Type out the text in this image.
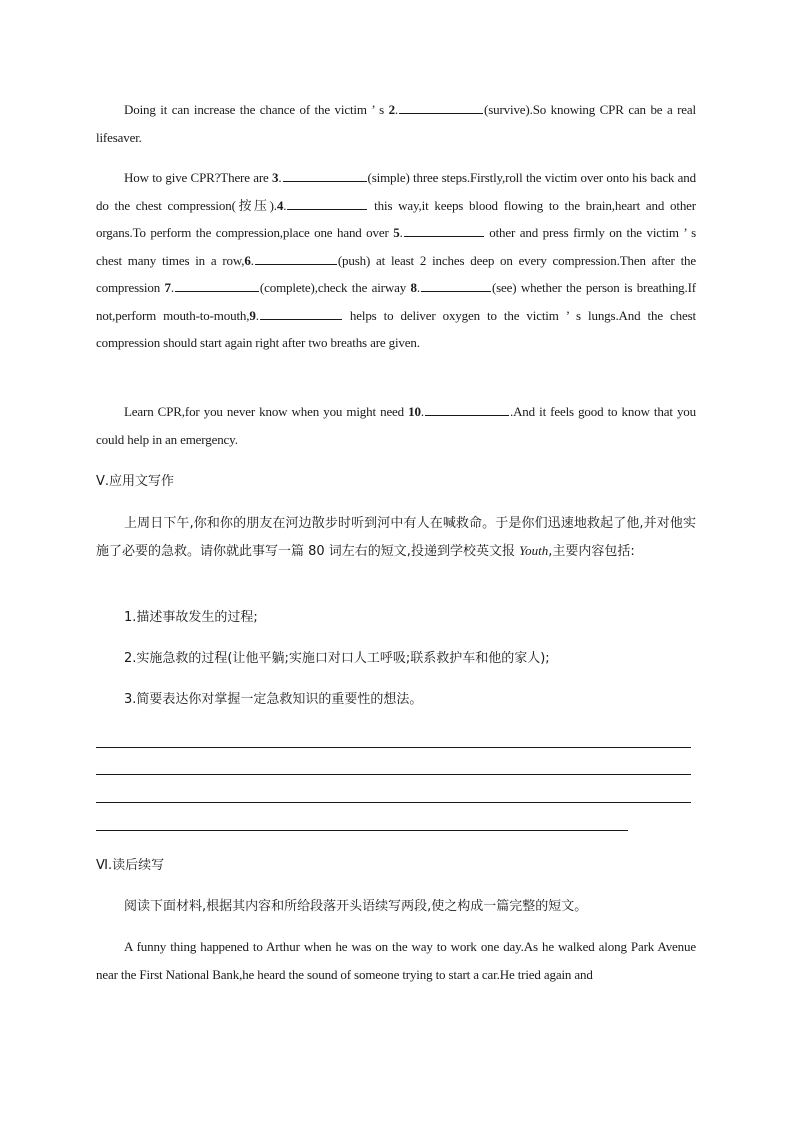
Doing it can increase the chance of the victim ’ s 2.	(survive).So knowing CPR can be a real lifesaver.
How to give CPR?There are 3.	(simple) three steps.Firstly,roll the victim over onto his back and do the chest compression(按压).4.	this way,it keeps blood flowing to the brain,heart and other organs.To perform the compression,place one hand over 5.	other and press firmly on the victim ’ s chest many times in a row,6.	(push) at least 2 inches deep on every compression.Then after the compression 7.	(complete),check the airway 8.	(see) whether the person is breathing.If not,perform mouth-to-mouth,9.	helps to deliver oxygen to the victim ’ s lungs.And the chest compression should start again right after two breaths are given.
Learn CPR,for you never know when you might need 10.	.And it feels good to know that you could help in an emergency.
Ⅴ.应用文写作
上周日下午,你和你的朋友在河边散步时听到河中有人在喊救命。于是你们迅速地救起了他,并对他实施了必要的急救。请你就此事写一篇 80 词左右的短文,投递到学校英文报 Youth,主要内容包括:
1.描述事故发生的过程;
2.实施急救的过程(让他平躺;实施口对口人工呼吸;联系救护车和他的家人);
3.简要表达你对掌握一定急救知识的重要性的想法。
Ⅵ.读后续写
阅读下面材料,根据其内容和所给段落开头语续写两段,使之构成一篇完整的短文。
A funny thing happened to Arthur when he was on the way to work one day.As he walked along Park Avenue near the First National Bank,he heard the sound of someone trying to start a car.He tried again and
